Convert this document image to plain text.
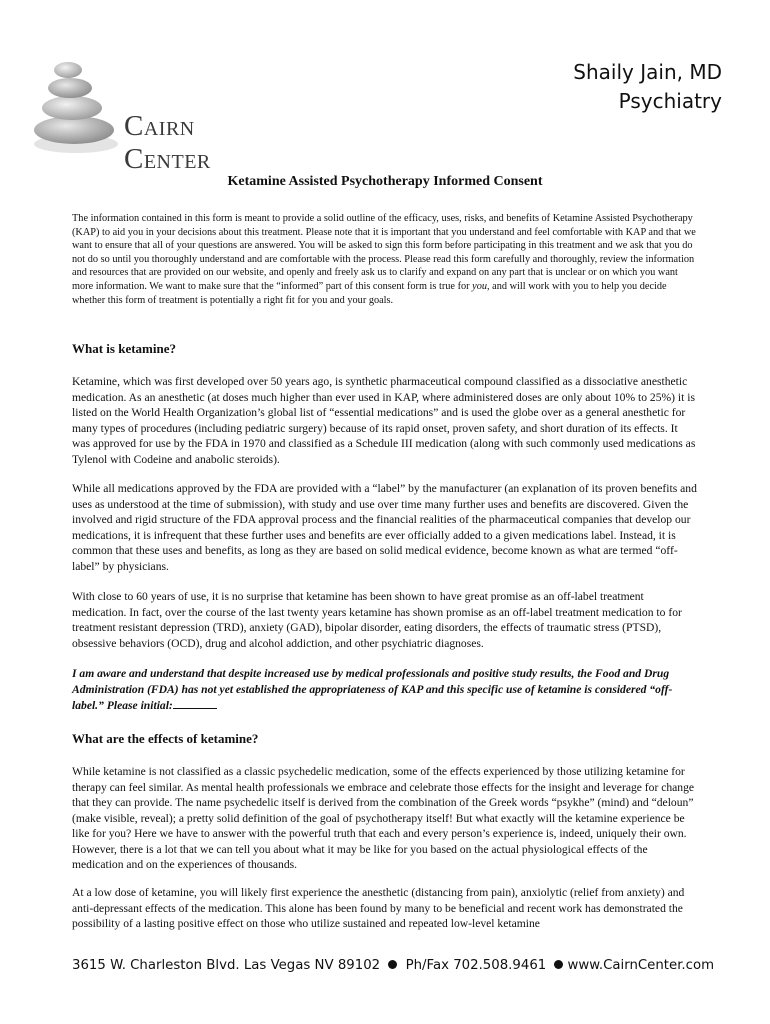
Cairn Center
Shaily Jain, MD
Psychiatry
Ketamine Assisted Psychotherapy Informed Consent
The information contained in this form is meant to provide a solid outline of the efficacy, uses, risks, and benefits of Ketamine Assisted Psychotherapy (KAP) to aid you in your decisions about this treatment. Please note that it is important that you understand and feel comfortable with KAP and that we want to ensure that all of your questions are answered. You will be asked to sign this form before participating in this treatment and we ask that you do not do so until you thoroughly understand and are comfortable with the process. Please read this form carefully and thoroughly, review the information and resources that are provided on our website, and openly and freely ask us to clarify and expand on any part that is unclear or on which you want more information. We want to make sure that the “informed” part of this consent form is true for you, and will work with you to help you decide whether this form of treatment is potentially a right fit for you and your goals.
What is ketamine?
Ketamine, which was first developed over 50 years ago, is synthetic pharmaceutical compound classified as a dissociative anesthetic medication. As an anesthetic (at doses much higher than ever used in KAP, where administered doses are only about 10% to 25%) it is listed on the World Health Organization’s global list of “essential medications” and is used the globe over as a general anesthetic for many types of procedures (including pediatric surgery) because of its rapid onset, proven safety, and short duration of its effects. It was approved for use by the FDA in 1970 and classified as a Schedule III medication (along with such commonly used medications as Tylenol with Codeine and anabolic steroids).
While all medications approved by the FDA are provided with a “label” by the manufacturer (an explanation of its proven benefits and uses as understood at the time of submission), with study and use over time many further uses and benefits are discovered. Given the involved and rigid structure of the FDA approval process and the financial realities of the pharmaceutical companies that develop our medications, it is infrequent that these further uses and benefits are ever officially added to a given medications label. Instead, it is common that these uses and benefits, as long as they are based on solid medical evidence, become known as what are termed “off-label” by physicians.
With close to 60 years of use, it is no surprise that ketamine has been shown to have great promise as an off-label treatment medication. In fact, over the course of the last twenty years ketamine has shown promise as an off-label treatment medication to for treatment resistant depression (TRD), anxiety (GAD), bipolar disorder, eating disorders, the effects of traumatic stress (PTSD), obsessive behaviors (OCD), drug and alcohol addiction, and other psychiatric diagnoses.
I am aware and understand that despite increased use by medical professionals and positive study results, the Food and Drug Administration (FDA) has not yet established the appropriateness of KAP and this specific use of ketamine is considered “off-label.” Please initial:
What are the effects of ketamine?
While ketamine is not classified as a classic psychedelic medication, some of the effects experienced by those utilizing ketamine for therapy can feel similar. As mental health professionals we embrace and celebrate those effects for the insight and leverage for change that they can provide. The name psychedelic itself is derived from the combination of the Greek words “psykhe” (mind) and “deloun” (make visible, reveal); a pretty solid definition of the goal of psychotherapy itself! But what exactly will the ketamine experience be like for you? Here we have to answer with the powerful truth that each and every person’s experience is, indeed, uniquely their own. However, there is a lot that we can tell you about what it may be like for you based on the actual physiological effects of the medication and on the experiences of thousands.
At a low dose of ketamine, you will likely first experience the anesthetic (distancing from pain), anxiolytic (relief from anxiety) and anti-depressant effects of the medication. This alone has been found by many to be beneficial and recent work has demonstrated the possibility of a lasting positive effect on those who utilize sustained and repeated low-level ketamine
3615 W. Charleston Blvd. Las Vegas NV 89102 Ph/Fax 702.508.9461 www.CairnCenter.com
